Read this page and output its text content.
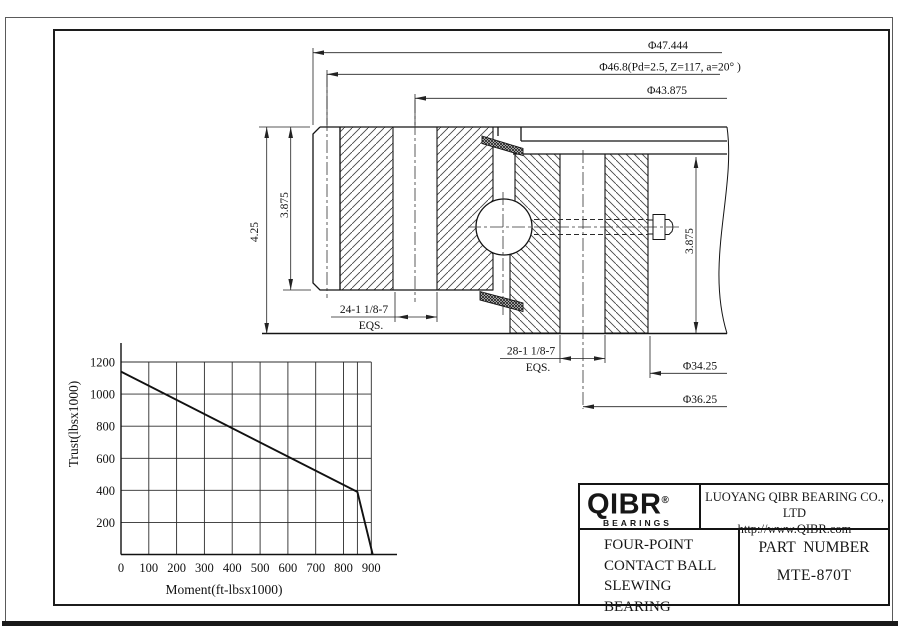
Φ47.444
Φ46.8(Pd=2.5, Z=117, a=20° )
Φ43.875
4.25
3.875
3.875
24-1 1/8-7
EQS.
28-1 1/8-7
EQS.	Φ34.25
Φ36.25
0 100 200 300 400 500 600 700 800 900
200
400
600
800
1000
1200
Moment(ft-lbsx1000)
Trust(lbsx1000)
QIBR®
BEARINGS
LUOYANG QIBR BEARING CO., LTD
http://www.QIBR.com
FOUR-POINT
CONTACT BALL
SLEWING BEARING
PART  NUMBER
MTE-870T
